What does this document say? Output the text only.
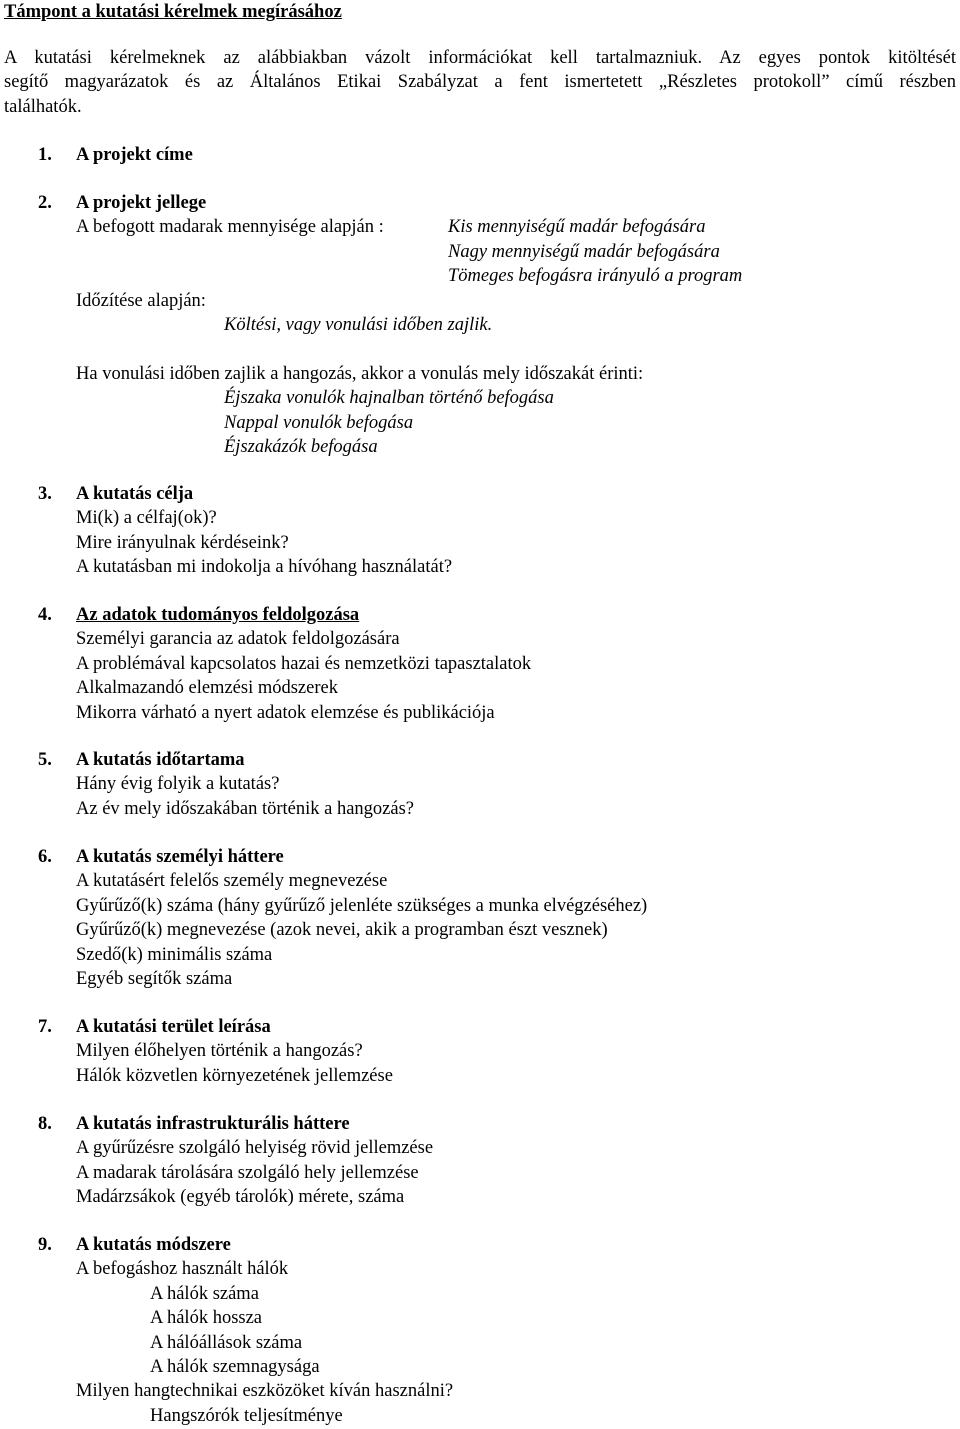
Támpont a kutatási kérelmek megírásához
A kutatási kérelmeknek az alábbiakban vázolt információkat kell tartalmazniuk. Az egyes pontok kitöltését
segítő magyarázatok és az Általános Etikai Szabályzat a fent ismertetett „Részletes protokoll” című részben
találhatók.
1. A projekt címe
2. A projekt jellege
A befogott madarak mennyisége alapján :	Kis mennyiségű madár befogására
Nagy mennyiségű madár befogására
Tömeges befogásra irányuló a program
Időzítése alapján:
Költési, vagy vonulási időben zajlik.
Ha vonulási időben zajlik a hangozás, akkor a vonulás mely időszakát érinti:
Éjszaka vonulók hajnalban történő befogása
Nappal vonulók befogása
Éjszakázók befogása
3. A kutatás célja
Mi(k) a célfaj(ok)?
Mire irányulnak kérdéseink?
A kutatásban mi indokolja a hívóhang használatát?
4. Az adatok tudományos feldolgozása
Személyi garancia az adatok feldolgozására
A problémával kapcsolatos hazai és nemzetközi tapasztalatok
Alkalmazandó elemzési módszerek
Mikorra várható a nyert adatok elemzése és publikációja
5. A kutatás időtartama
Hány évig folyik a kutatás?
Az év mely időszakában történik a hangozás?
6. A kutatás személyi háttere
A kutatásért felelős személy megnevezése
Gyűrűző(k) száma (hány gyűrűző jelenléte szükséges a munka elvégzéséhez)
Gyűrűző(k) megnevezése (azok nevei, akik a programban észt vesznek)
Szedő(k) minimális száma
Egyéb segítők száma
7. A kutatási terület leírása
Milyen élőhelyen történik a hangozás?
Hálók közvetlen környezetének jellemzése
8. A kutatás infrastrukturális háttere
A gyűrűzésre szolgáló helyiség rövid jellemzése
A madarak tárolására szolgáló hely jellemzése
Madárzsákok (egyéb tárolók) mérete, száma
9. A kutatás módszere
A befogáshoz használt hálók
A hálók száma
A hálók hossza
A hálóállások száma
A hálók szemnagysága
Milyen hangtechnikai eszközöket kíván használni?
Hangszórók teljesítménye
